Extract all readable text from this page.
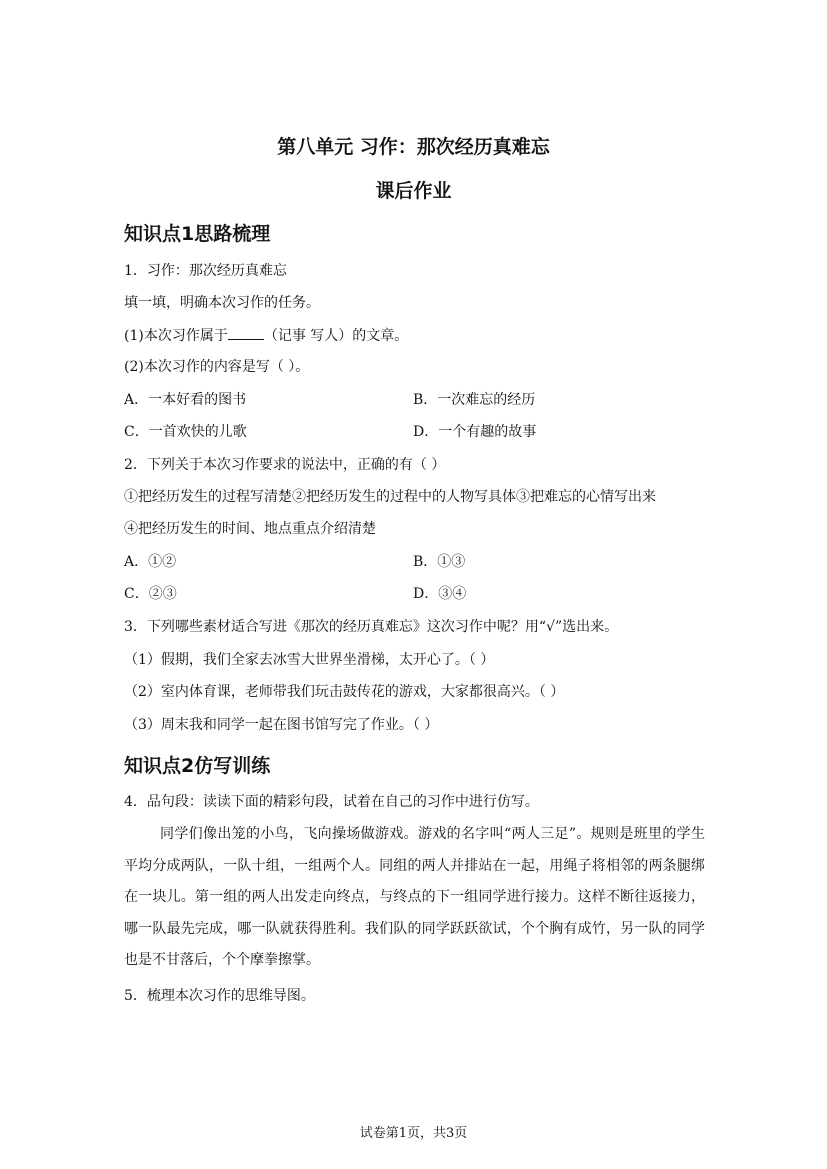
第八单元 习作：那次经历真难忘
课后作业
知识点1思路梳理
1．习作：那次经历真难忘
填一填，明确本次习作的任务。
(1)本次习作属于	（记事 写人）的文章。
(2)本次习作的内容是写（ ）。
A．一本好看的图书	B．一次难忘的经历
C．一首欢快的儿歌	D．一个有趣的故事
2．下列关于本次习作要求的说法中，正确的有（ ）
①把经历发生的过程写清楚②把经历发生的过程中的人物写具体③把难忘的心情写出来
④把经历发生的时间、地点重点介绍清楚
A．①②	B．①③
C．②③	D．③④
3．下列哪些素材适合写进《那次的经历真难忘》这次习作中呢？用“√”选出来。
（1）假期，我们全家去冰雪大世界坐滑梯，太开心了。（ ）
（2）室内体育课，老师带我们玩击鼓传花的游戏，大家都很高兴。（ ）
（3）周末我和同学一起在图书馆写完了作业。（ ）
知识点2仿写训练
4．品句段：读读下面的精彩句段，试着在自己的习作中进行仿写。
同学们像出笼的小鸟，飞向操场做游戏。游戏的名字叫“两人三足”。规则是班里的学生平均分成两队，一队十组，一组两个人。同组的两人并排站在一起，用绳子将相邻的两条腿绑在一块儿。第一组的两人出发走向终点，与终点的下一组同学进行接力。这样不断往返接力，哪一队最先完成，哪一队就获得胜利。我们队的同学跃跃欲试，个个胸有成竹，另一队的同学也是不甘落后，个个摩拳擦掌。
5．梳理本次习作的思维导图。
试卷第1页，共3页
